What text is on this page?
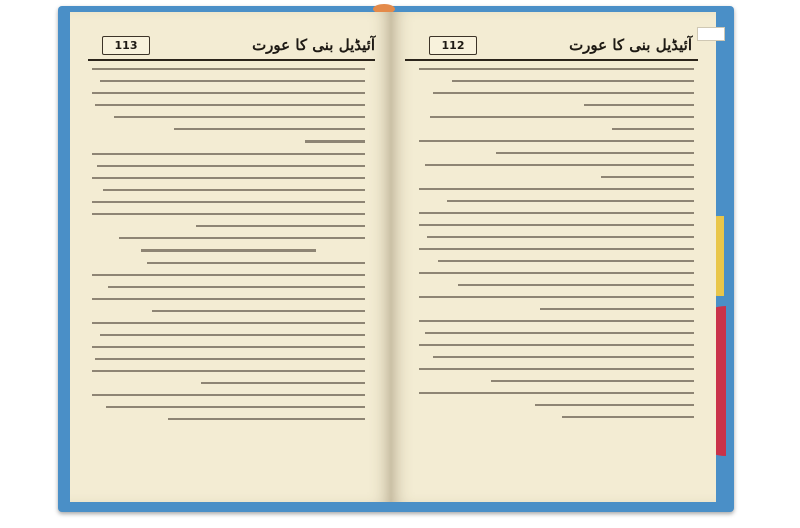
113	آئیڈیل بنی کا عورت	112	آئیڈیل بنی کا عورت
